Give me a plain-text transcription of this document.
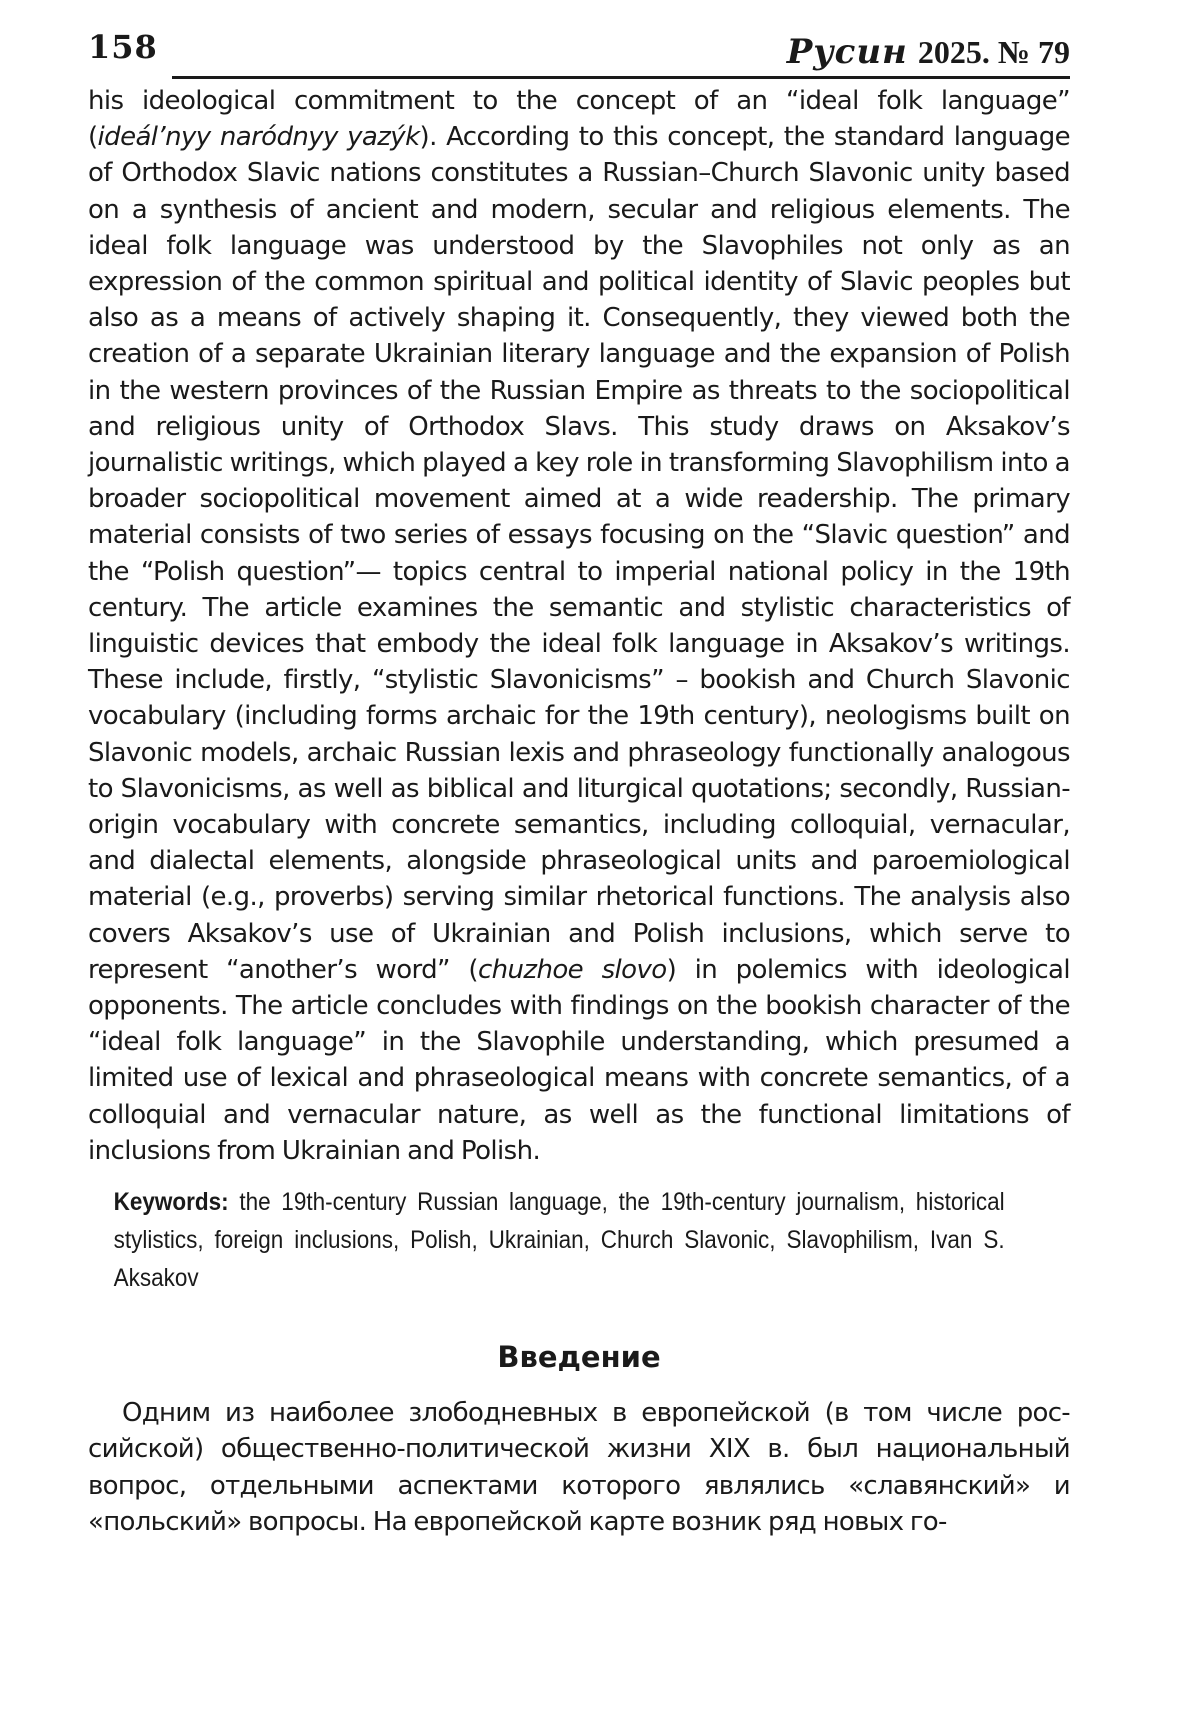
158	Русин 2025. № 79

his ideological commitment to the concept of an “ideal folk language” (ideál’nyy naródnyy yazýk). According to this concept, the standard language of Orthodox Slavic nations constitutes a Russian–Church Slavonic unity based on a synthesis of ancient and modern, secular and religious elements. The ideal folk language was understood by the Slavophiles not only as an expression of the common spiritual and political identity of Slavic peoples but also as a means of actively shaping it. Consequently, they viewed both the creation of a separate Ukrainian literary language and the expansion of Polish in the western provinces of the Russian Empire as threats to the sociopolitical and religious unity of Orthodox Slavs. This study draws on Aksakov’s journalistic writings, which played a key role in transforming Slavophilism into a broader sociopolitical movement aimed at a wide readership. The primary material consists of two series of essays focusing on the “Slavic question” and the “Polish question”— topics central to imperial national policy in the 19th century. The article examines the semantic and stylistic characteristics of linguistic devices that embody the ideal folk language in Aksakov’s writings. These include, firstly, “stylistic Slavonicisms” – bookish and Church Slavonic vocabulary (including forms archaic for the 19th century), neologisms built on Slavonic models, archaic Russian lexis and phraseology functionally analogous to Slavonicisms, as well as biblical and liturgical quotations; secondly, Russian-origin vocabulary with concrete semantics, including colloquial, vernacular, and dialectal elements, alongside phraseological units and paroemiological material (e.g., proverbs) serving similar rhetorical functions. The analysis also covers Aksakov’s use of Ukrainian and Polish inclusions, which serve to represent “another’s word” (chuzhoe slovo) in polemics with ideological opponents. The article concludes with findings on the bookish character of the “ideal folk language” in the Slavophile understanding, which presumed a limited use of lexical and phraseological means with concrete semantics, of a colloquial and vernacular nature, as well as the functional limitations of inclusions from Ukrainian and Polish.

Keywords: the 19th-century Russian language, the 19th-century journalism, historical stylistics, foreign inclusions, Polish, Ukrainian, Church Slavonic, Slavophilism, Ivan S. Aksakov
Введение

Одним из наиболее злободневных в европейской (в том числе рос-сийской) общественно-политической жизни XIX в. был национальный вопрос, отдельными аспектами которого являлись «славянский» и «польский» вопросы. На европейской карте возник ряд новых го-
